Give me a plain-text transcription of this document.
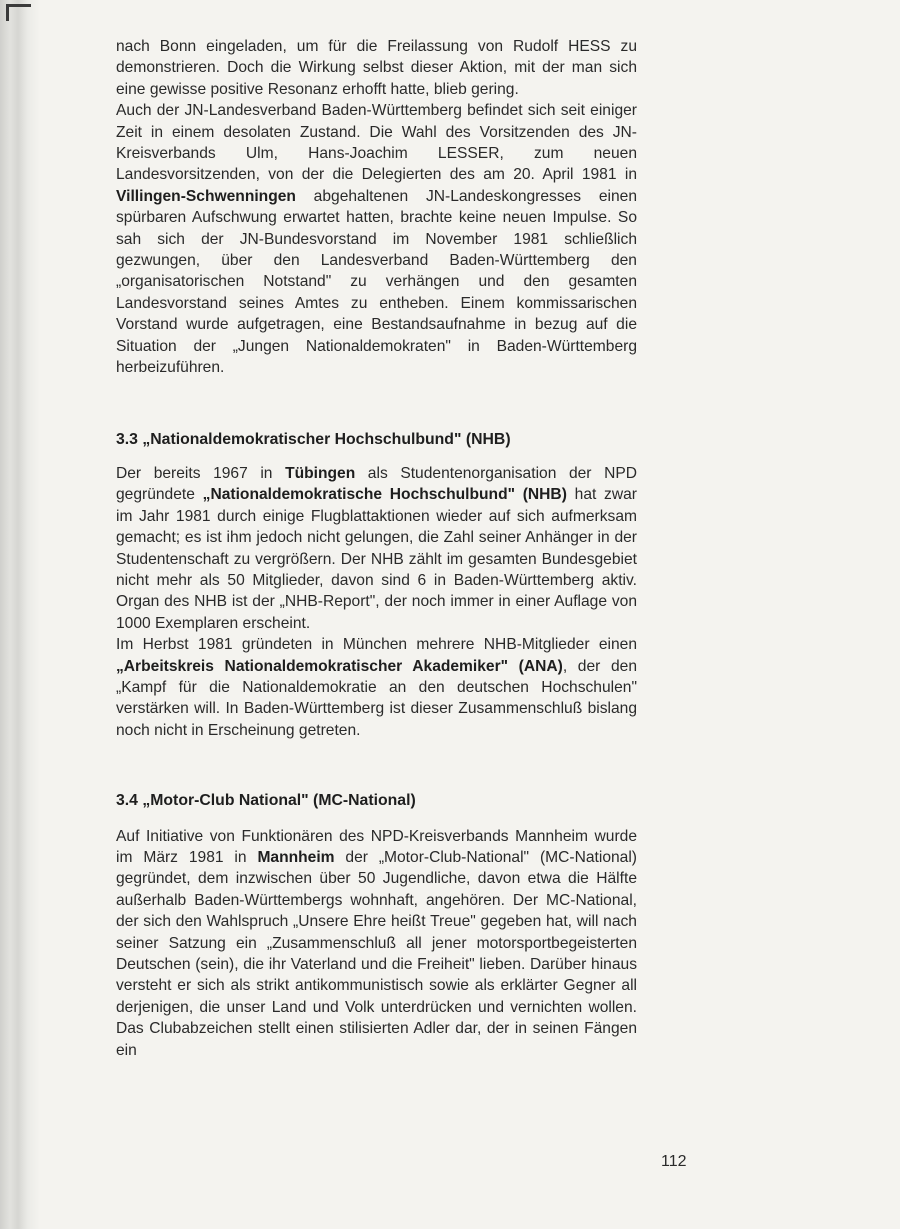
nach Bonn eingeladen, um für die Freilassung von Rudolf HESS zu demonstrieren. Doch die Wirkung selbst dieser Aktion, mit der man sich eine gewisse positive Resonanz erhofft hatte, blieb gering.

Auch der JN-Landesverband Baden-Württemberg befindet sich seit einiger Zeit in einem desolaten Zustand. Die Wahl des Vorsitzenden des JN-Kreisverbands Ulm, Hans-Joachim LESSER, zum neuen Landesvorsitzenden, von der die Delegierten des am 20. April 1981 in Villingen-Schwenningen abgehaltenen JN-Landeskongresses einen spürbaren Aufschwung erwartet hatten, brachte keine neuen Impulse. So sah sich der JN-Bundesvorstand im November 1981 schließlich gezwungen, über den Landesverband Baden-Württemberg den „organisatorischen Notstand" zu verhängen und den gesamten Landesvorstand seines Amtes zu entheben. Einem kommissarischen Vorstand wurde aufgetragen, eine Bestandsaufnahme in bezug auf die Situation der „Jungen Nationaldemokraten" in Baden-Württemberg herbeizuführen.

3.3 „Nationaldemokratischer Hochschulbund" (NHB)

Der bereits 1967 in Tübingen als Studentenorganisation der NPD gegründete „Nationaldemokratische Hochschulbund" (NHB) hat zwar im Jahr 1981 durch einige Flugblattaktionen wieder auf sich aufmerksam gemacht; es ist ihm jedoch nicht gelungen, die Zahl seiner Anhänger in der Studentenschaft zu vergrößern. Der NHB zählt im gesamten Bundesgebiet nicht mehr als 50 Mitglieder, davon sind 6 in Baden-Württemberg aktiv. Organ des NHB ist der „NHB-Report", der noch immer in einer Auflage von 1000 Exemplaren erscheint.

Im Herbst 1981 gründeten in München mehrere NHB-Mitglieder einen „Arbeitskreis Nationaldemokratischer Akademiker" (ANA), der den „Kampf für die Nationaldemokratie an den deutschen Hochschulen" verstärken will. In Baden-Württemberg ist dieser Zusammenschluß bislang noch nicht in Erscheinung getreten.

3.4 „Motor-Club National" (MC-National)

Auf Initiative von Funktionären des NPD-Kreisverbands Mannheim wurde im März 1981 in Mannheim der „Motor-Club-National" (MC-National) gegründet, dem inzwischen über 50 Jugendliche, davon etwa die Hälfte außerhalb Baden-Württembergs wohnhaft, angehören. Der MC-National, der sich den Wahlspruch „Unsere Ehre heißt Treue" gegeben hat, will nach seiner Satzung ein „Zusammenschluß all jener motorsportbegeisterten Deutschen (sein), die ihr Vaterland und die Freiheit" lieben. Darüber hinaus versteht er sich als strikt antikommunistisch sowie als erklärter Gegner all derjenigen, die unser Land und Volk unterdrücken und vernichten wollen. Das Clubabzeichen stellt einen stilisierten Adler dar, der in seinen Fängen ein

112
